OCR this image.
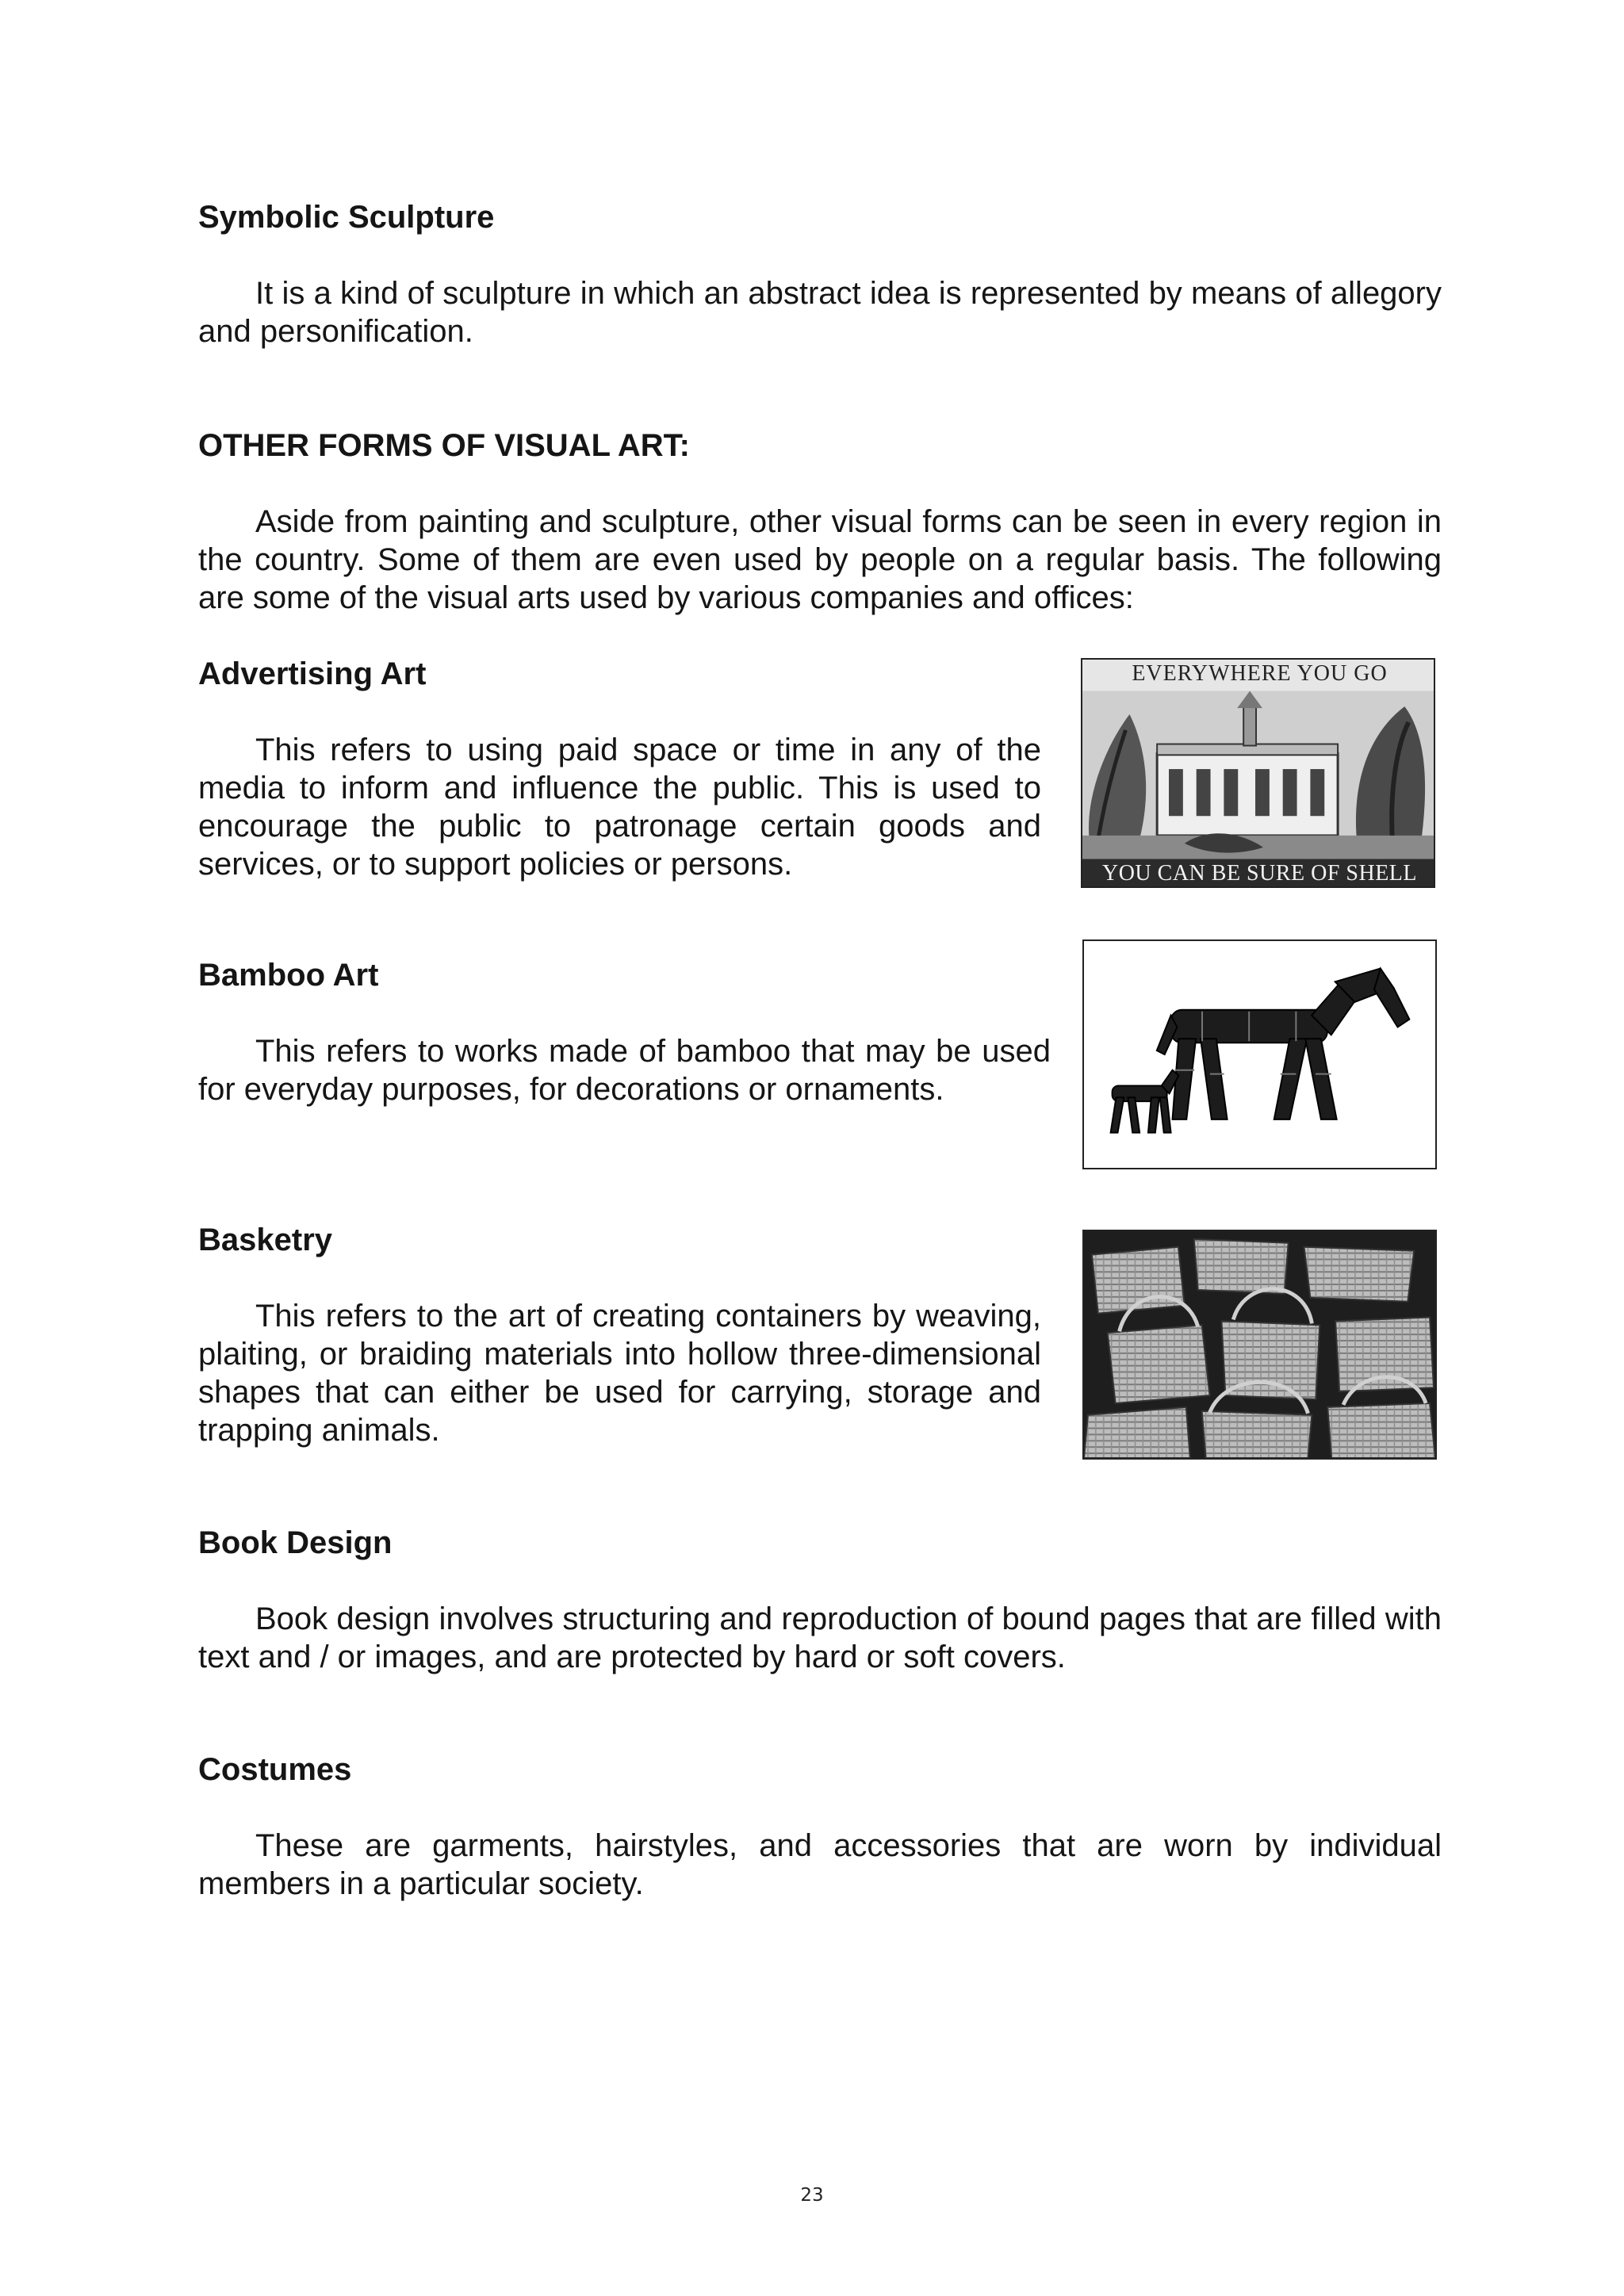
Symbolic Sculpture

It is a kind of sculpture in which an abstract idea is represented by means of allegory and personification.

OTHER FORMS OF VISUAL ART:

Aside from painting and sculpture, other visual forms can be seen in every region in the country. Some of them are even used by people on a regular basis. The following are some of the visual arts used by various companies and offices:

Advertising Art

This refers to using paid space or time in any of the media to inform and influence the public. This is used to encourage the public to patronage certain goods and services, or to support policies or persons.

EVERYWHERE YOU GO
YOU CAN BE SURE OF SHELL
Bamboo Art

This refers to works made of bamboo that may be used for everyday purposes, for decorations or ornaments.

Basketry

This refers to the art of creating containers by weaving, plaiting, or braiding materials into hollow three-dimensional shapes that can either be used for carrying, storage and trapping animals.

Book Design

Book design involves structuring and reproduction of bound pages that are filled with text and / or images, and are protected by hard or soft covers.

Costumes

These are garments, hairstyles, and accessories that are worn by individual members in a particular society.

23
